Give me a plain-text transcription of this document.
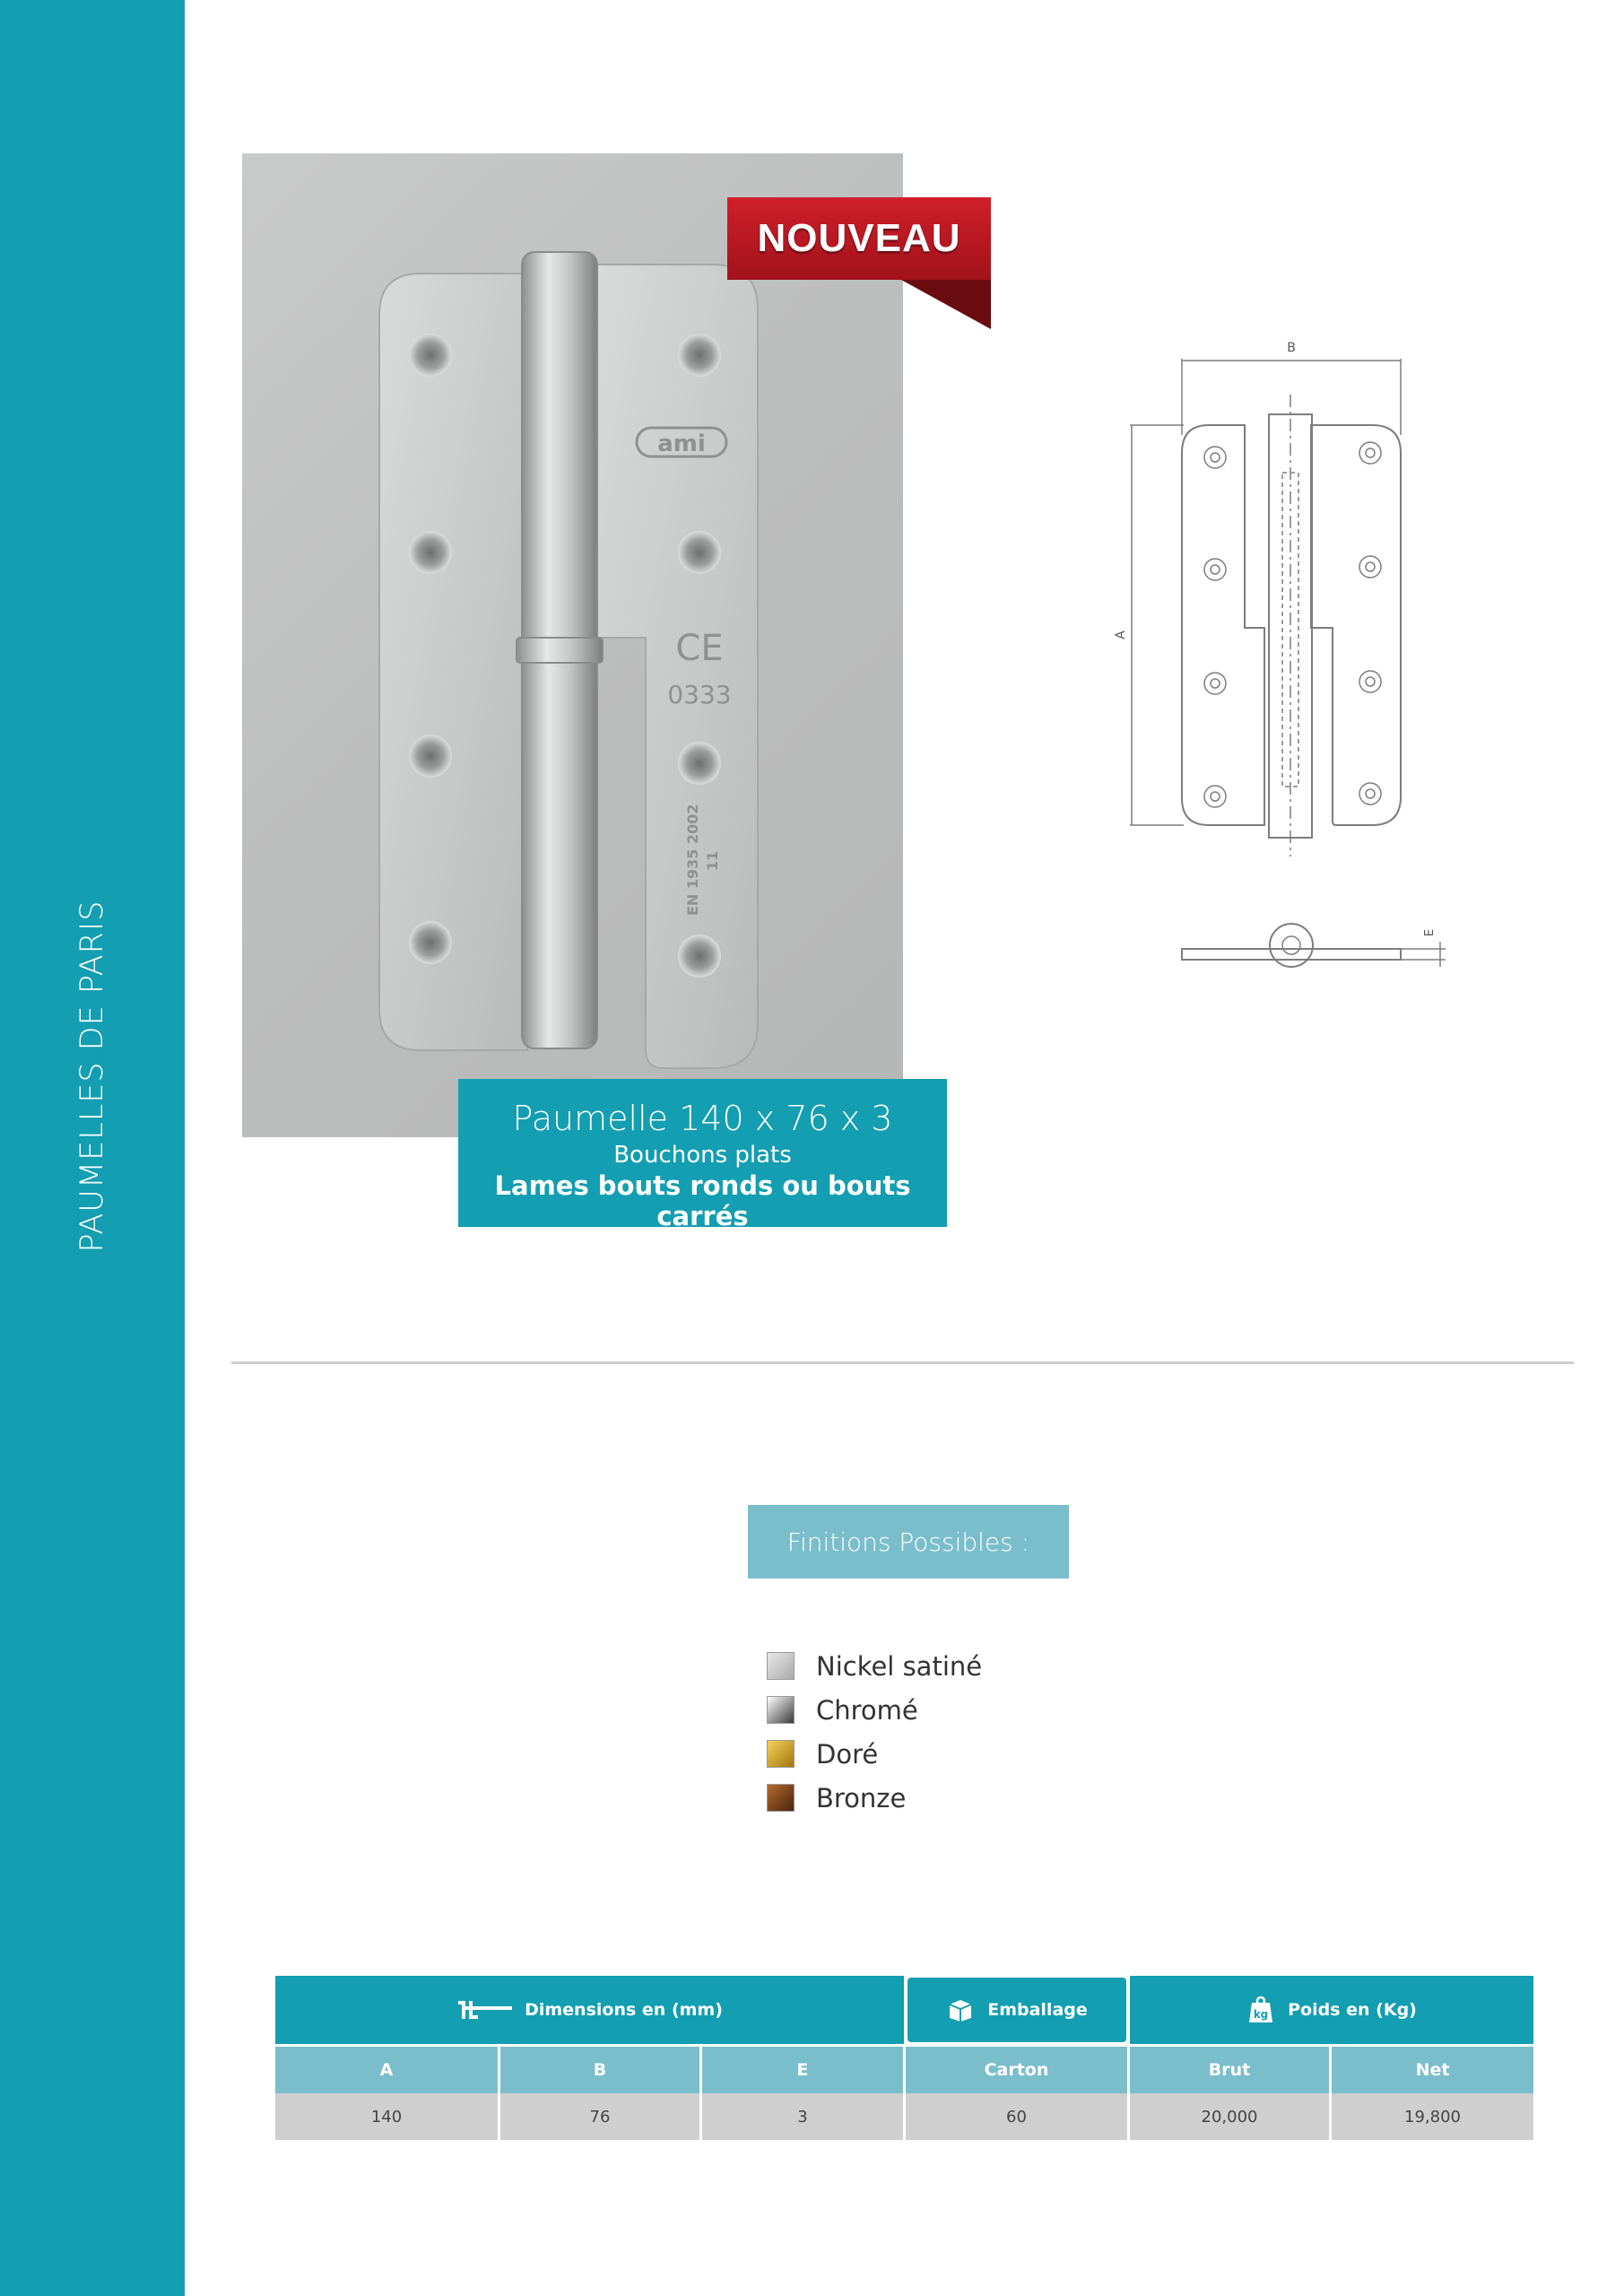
PAUMELLES DE PARIS
ami
CE
0333
EN 1935 2002 11
NOUVEAU
Paumelle 140 x 76 x 3
Bouchons plats
Lames bouts ronds ou bouts carrés
B
A
E
Finitions Possibles :
Nickel satiné
Chromé
Doré
Bronze
Dimensions en (mm)	Emballage	kg Poids en (Kg)
A	B	E	Carton	Brut	Net
140	76	3	60	20,000	19,800
